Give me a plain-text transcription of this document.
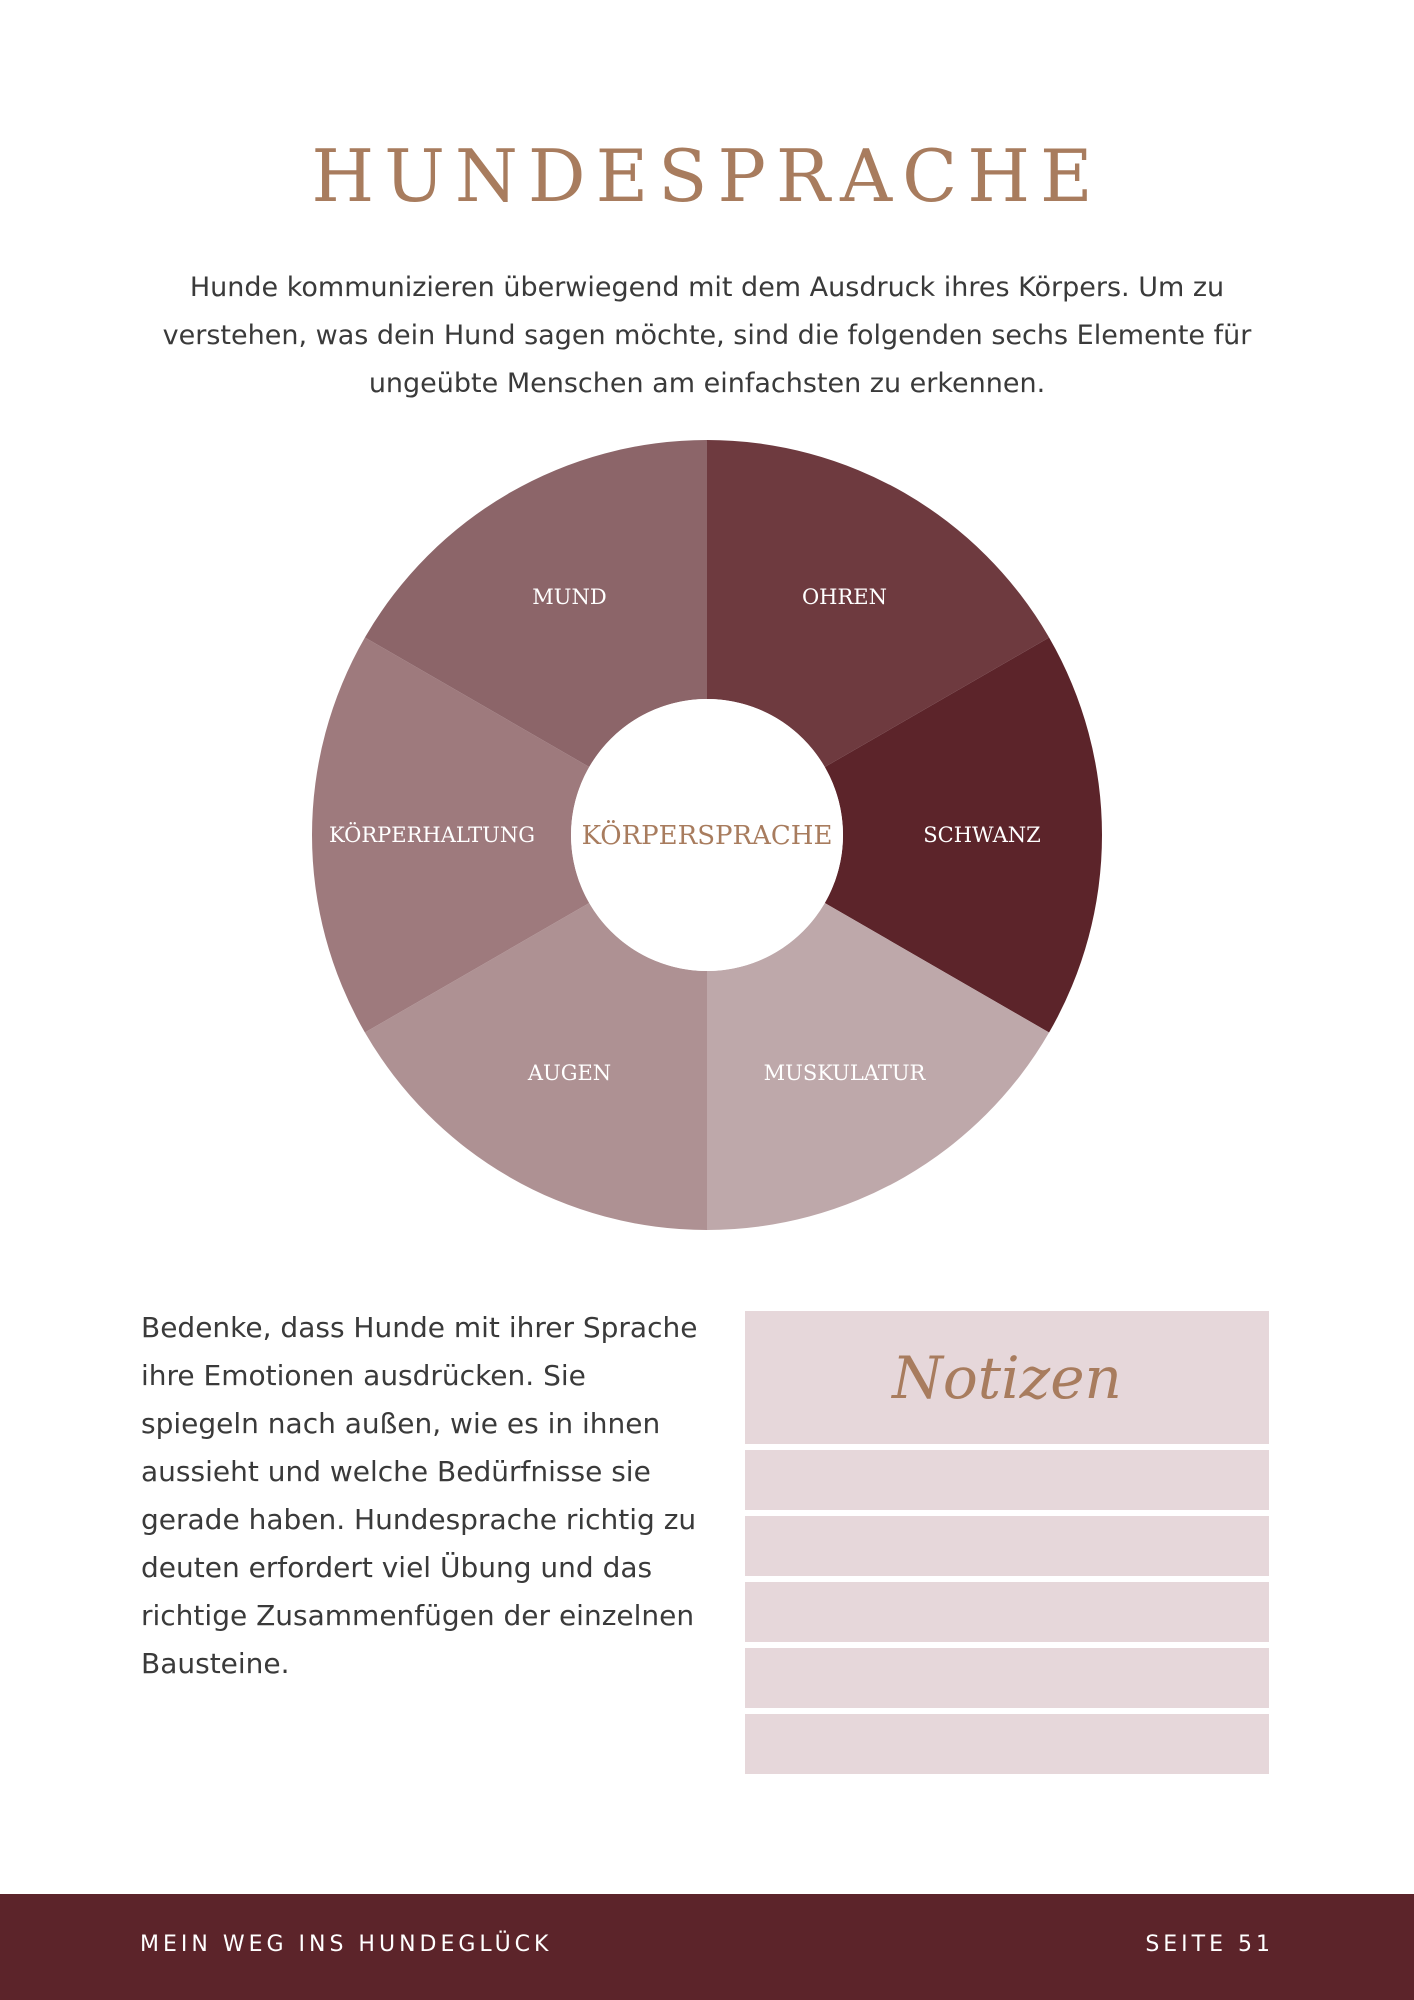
HUNDESPRACHE

Hunde kommunizieren überwiegend mit dem Ausdruck ihres Körpers. Um zu verstehen, was dein Hund sagen möchte, sind die folgenden sechs Elemente für ungeübte Menschen am einfachsten zu erkennen.

KÖRPERSPRACHE
OHREN
SCHWANZ
MUSKULATUR
AUGEN
KÖRPERHALTUNG
MUND

Bedenke, dass Hunde mit ihrer Sprache ihre Emotionen ausdrücken. Sie spiegeln nach außen, wie es in ihnen aussieht und welche Bedürfnisse sie gerade haben. Hundesprache richtig zu deuten erfordert viel Übung und das richtige Zusammenfügen der einzelnen Bausteine.

Notizen
MEIN WEG INS HUNDEGLÜCK	SEITE 51
